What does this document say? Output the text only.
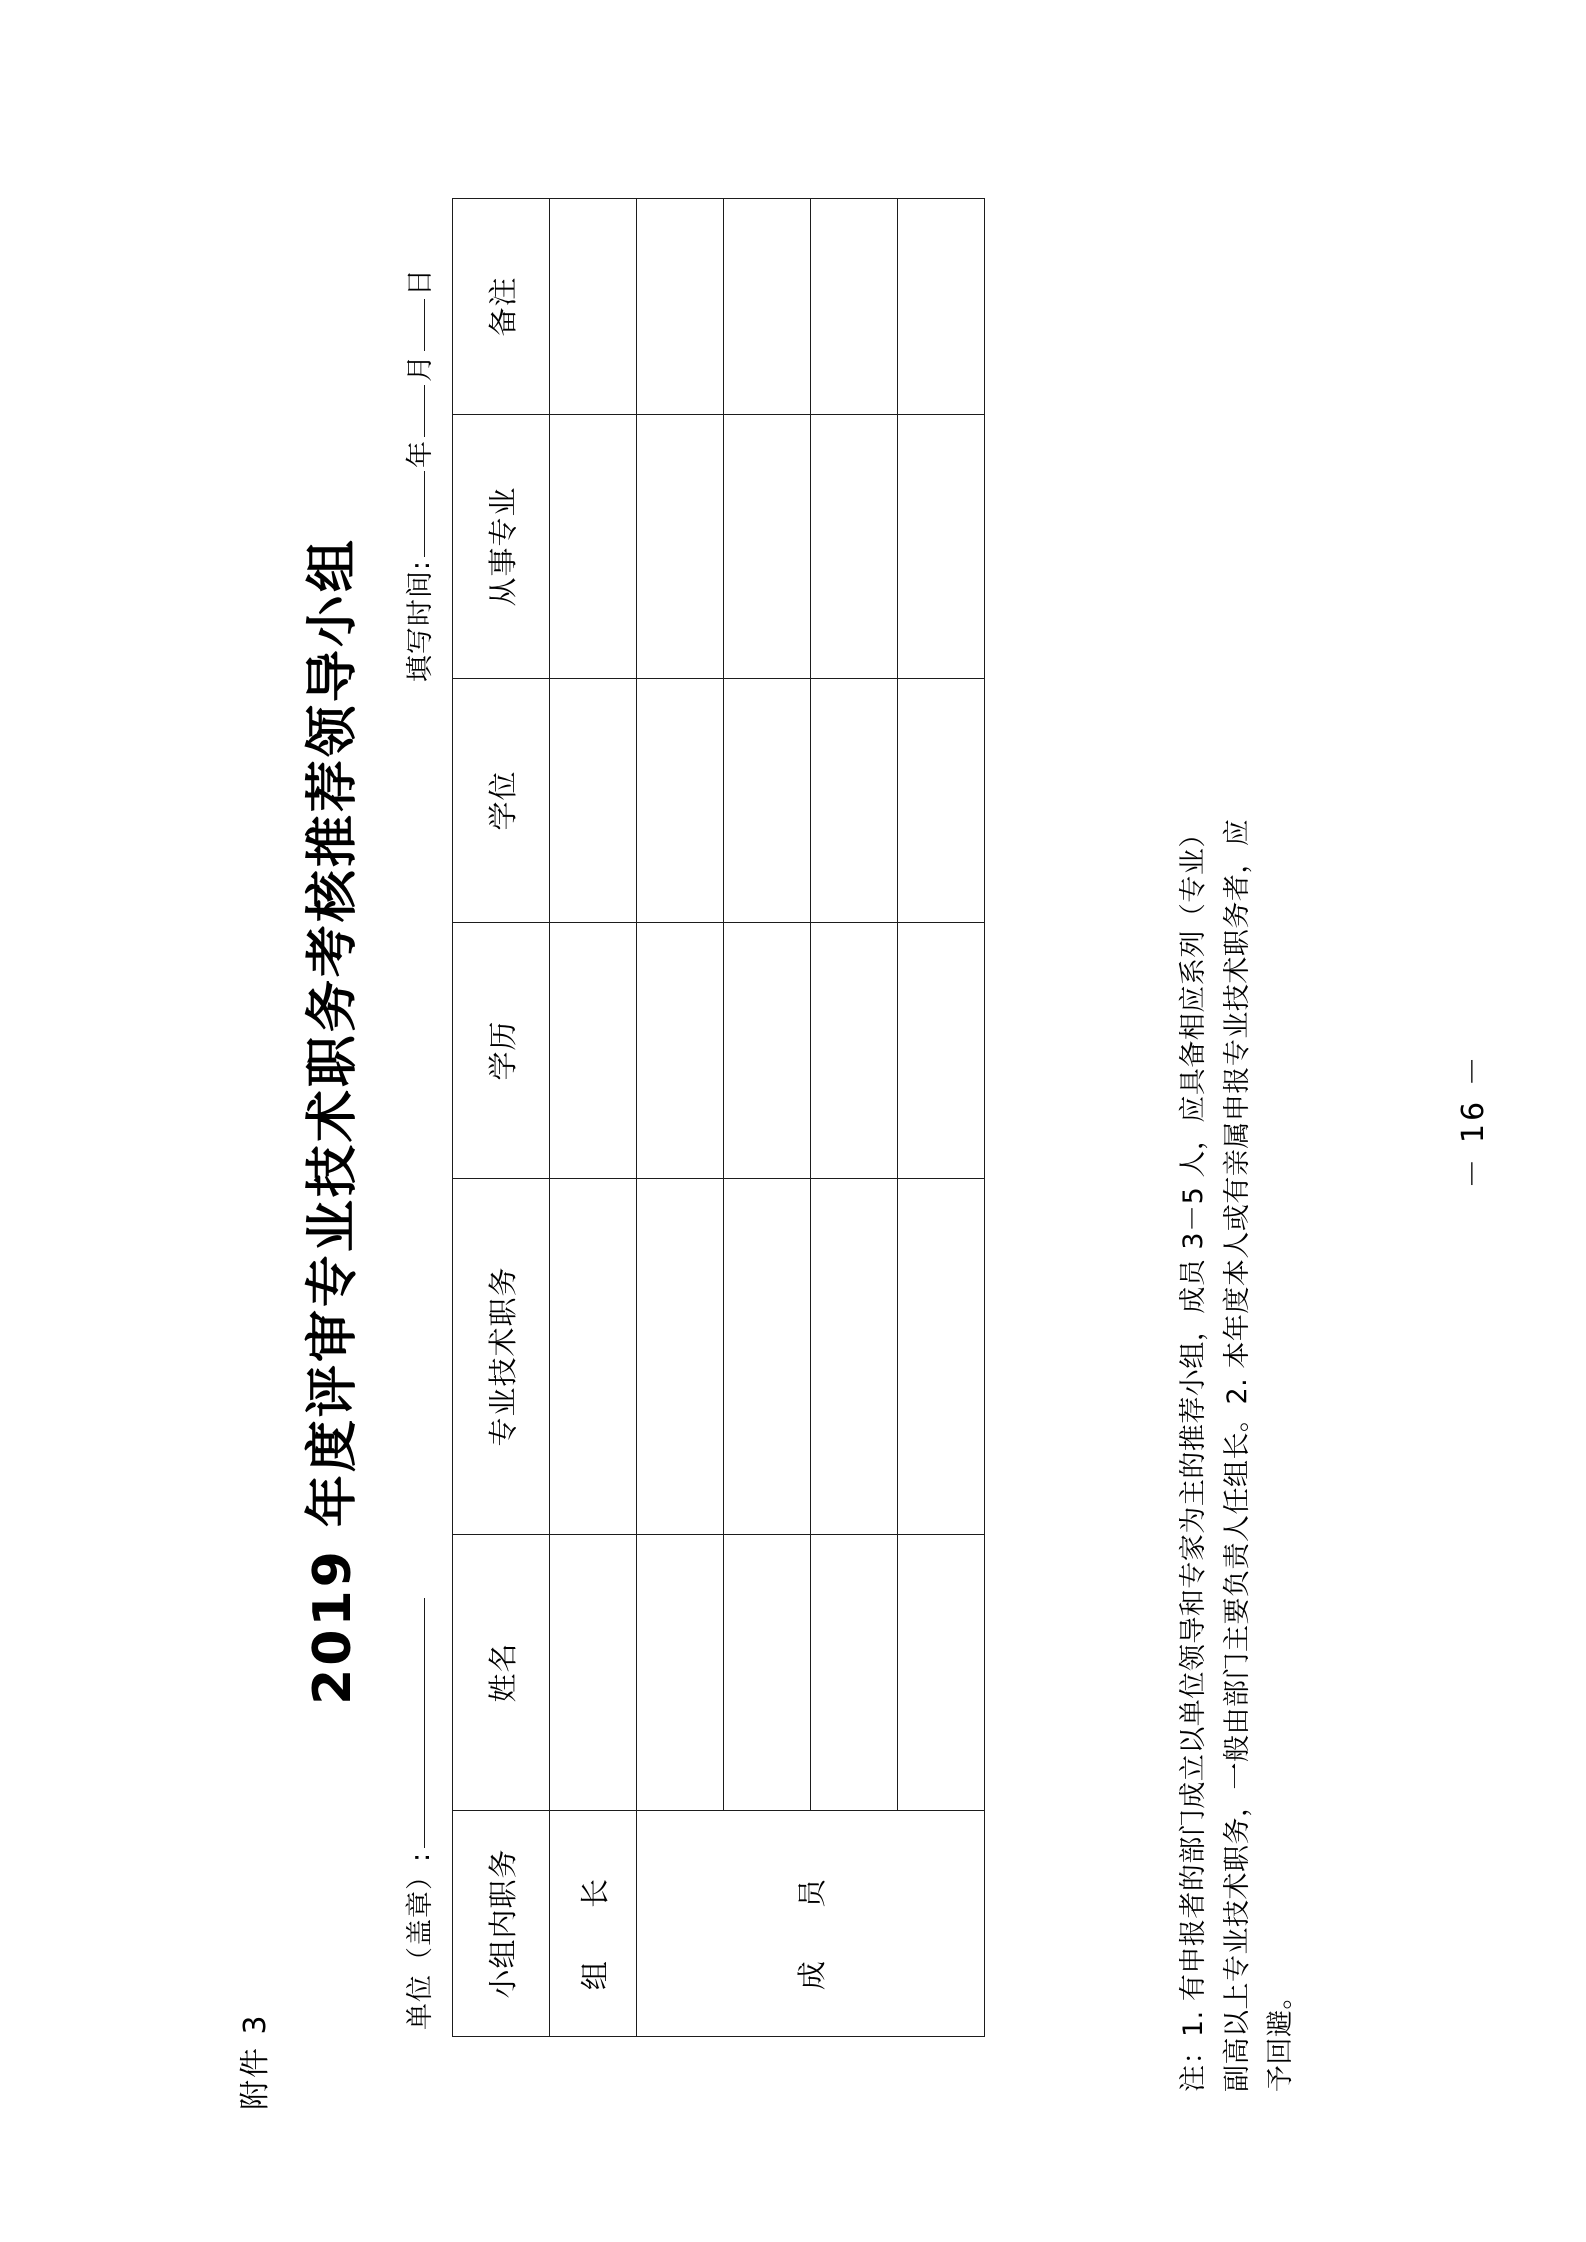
附件 3
2019 年度评审专业技术职务考核推荐领导小组
单位（盖章）:
填写时间:年月日
小组内职务	姓名	专业技术职务	学历	学位	从事专业	备注
组 长						
成 员						

						注：1. 有申报者的部门成立以单位领导和专家为主的推荐小组，成员 3－5 人，应具备相应系列（专业） 副高以上专业技术职务，一般由部门主要负责人任组长。2. 本年度本人或有亲属申报专业技术职务者，应 予回避。

－ 16 －
